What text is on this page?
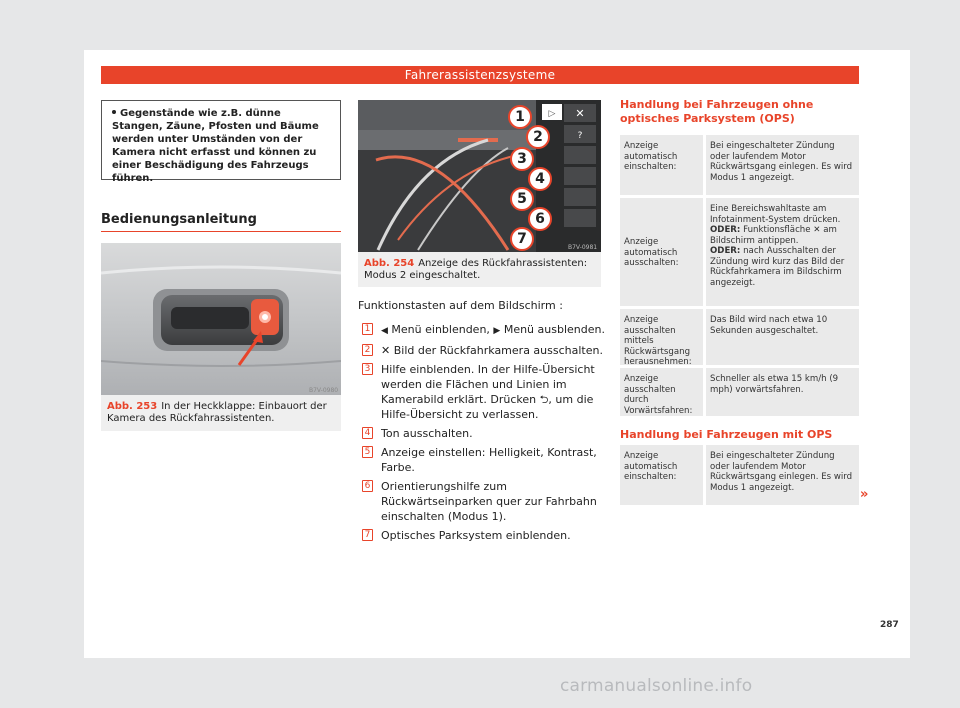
Fahrerassistenzsysteme
Gegenstände wie z.B. dünne Stangen, Zäune, Pfosten und Bäume werden unter Umständen von der Kamera nicht erfasst und können zu einer Beschädigung des Fahrzeugs führen.
Bedienungsanleitung
B7V-0980
Abb. 253 In der Heckklappe: Einbauort der Kamera des Rückfahrassistenten.
✕
?
▷
1
2
3
4
5
6
7
B7V-0981
Abb. 254 Anzeige des Rückfahrassistenten: Modus 2 eingeschaltet.
Funktionstasten auf dem Bildschirm :
1 ◀ Menü einblenden, ▶ Menü ausblenden.
2 ✕ Bild der Rückfahrkamera ausschalten.
3 Hilfe einblenden. In der Hilfe-Übersicht werden die Flächen und Linien im Kamerabild erklärt. Drücken ⮌, um die Hilfe-Übersicht zu verlassen.
4 Ton ausschalten.
5 Anzeige einstellen: Helligkeit, Kontrast, Farbe.
6 Orientierungshilfe zum Rückwärtseinparken quer zur Fahrbahn einschalten (Modus 1).
7 Optisches Parksystem einblenden.
Handlung bei Fahrzeugen ohne optisches Parksystem (OPS)
Anzeige automatisch einschalten:
Bei eingeschalteter Zündung oder laufendem Motor Rückwärtsgang einlegen. Es wird Modus 1 angezeigt.
Anzeige automatisch ausschalten:
Eine Bereichswahltaste am Infotainment-System drücken.
ODER: Funktionsfläche ✕ am Bildschirm antippen.
ODER: nach Ausschalten der Zündung wird kurz das Bild der Rückfahrkamera im Bildschirm angezeigt.
Anzeige ausschalten mittels Rückwärtsgang herausnehmen:
Das Bild wird nach etwa 10 Sekunden ausgeschaltet.
Anzeige ausschalten durch Vorwärtsfahren:
Schneller als etwa 15 km/h (9 mph) vorwärtsfahren.
Handlung bei Fahrzeugen mit OPS
Anzeige automatisch einschalten:
Bei eingeschalteter Zündung oder laufendem Motor Rückwärtsgang einlegen. Es wird Modus 1 angezeigt.	»
287
carmanualsonline.info
